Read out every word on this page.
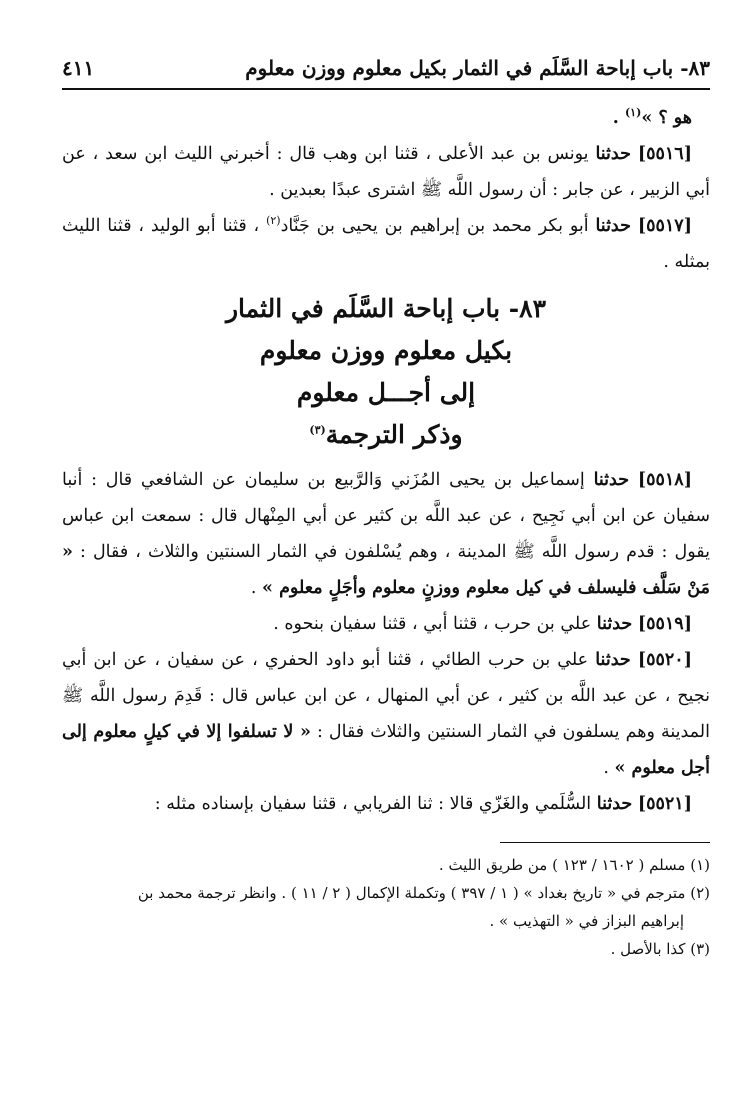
٨٣- باب إباحة السَّلَم في الثمار بكيل معلوم ووزن معلوم
٤١١

هو ؟ »$^{(١)}$ .

[٥٥١٦] حدثنا يونس بن عبد الأعلى ، قثنا ابن وهب قال : أخبرني الليث ابن سعد ، عن أبي الزبير ، عن جابر : أن رسول اللَّه ﷺ اشترى عبدًا بعبدين .

[٥٥١٧] حدثنا أبو بكر محمد بن إبراهيم بن يحيى بن جَنَّاد$^{(٢)}$ ، قثنا أبو الوليد ، قثنا الليث بمثله .

٨٣- باب إباحة السَّلَم في الثمار
بكيل معلوم ووزن معلوم
إلى أجـــل معلوم
وذكر الترجمة$^{(٣)}$

[٥٥١٨] حدثنا إسماعيل بن يحيى المُزَني وَالرَّبيع بن سليمان عن الشافعي قال : أنبا سفيان عن ابن أبي نَجِيح ، عن عبد اللَّه بن كثير عن أبي المِنْهال قال : سمعت ابن عباس يقول : قدم رسول اللَّه ﷺ المدينة ، وهم يُسْلفون في الثمار السنتين والثلاث ، فقال : « مَنْ سَلَّف فليسلف في كيل معلوم ووزنٍ معلوم وأجَلٍ معلوم » .

[٥٥١٩] حدثنا علي بن حرب ، قثنا أبي ، قثنا سفيان بنحوه .

[٥٥٢٠] حدثنا علي بن حرب الطائي ، قثنا أبو داود الحفري ، عن سفيان ، عن ابن أبي نجيح ، عن عبد اللَّه بن كثير ، عن أبي المنهال ، عن ابن عباس قال : قَدِمَ رسول اللَّه ﷺ المدينة وهم يسلفون في الثمار السنتين والثلاث فقال : « لا تسلفوا إلا في كيلٍ معلوم إلى أجل معلوم » .

[٥٥٢١] حدثنا السُّلَمي والغَزّي قالا : ثنا الفريابي ، قثنا سفيان بإسناده مثله :

(١) مسلم ( ١٦٠٢ / ١٢٣ ) من طريق الليث .

(٢) مترجم في « تاريخ بغداد » ( ١ / ٣٩٧ ) وتكملة الإكمال ( ٢ / ١١ ) . وانظر ترجمة محمد بن

إبراهيم البزاز في « التهذيب » .

(٣) كذا بالأصل .
